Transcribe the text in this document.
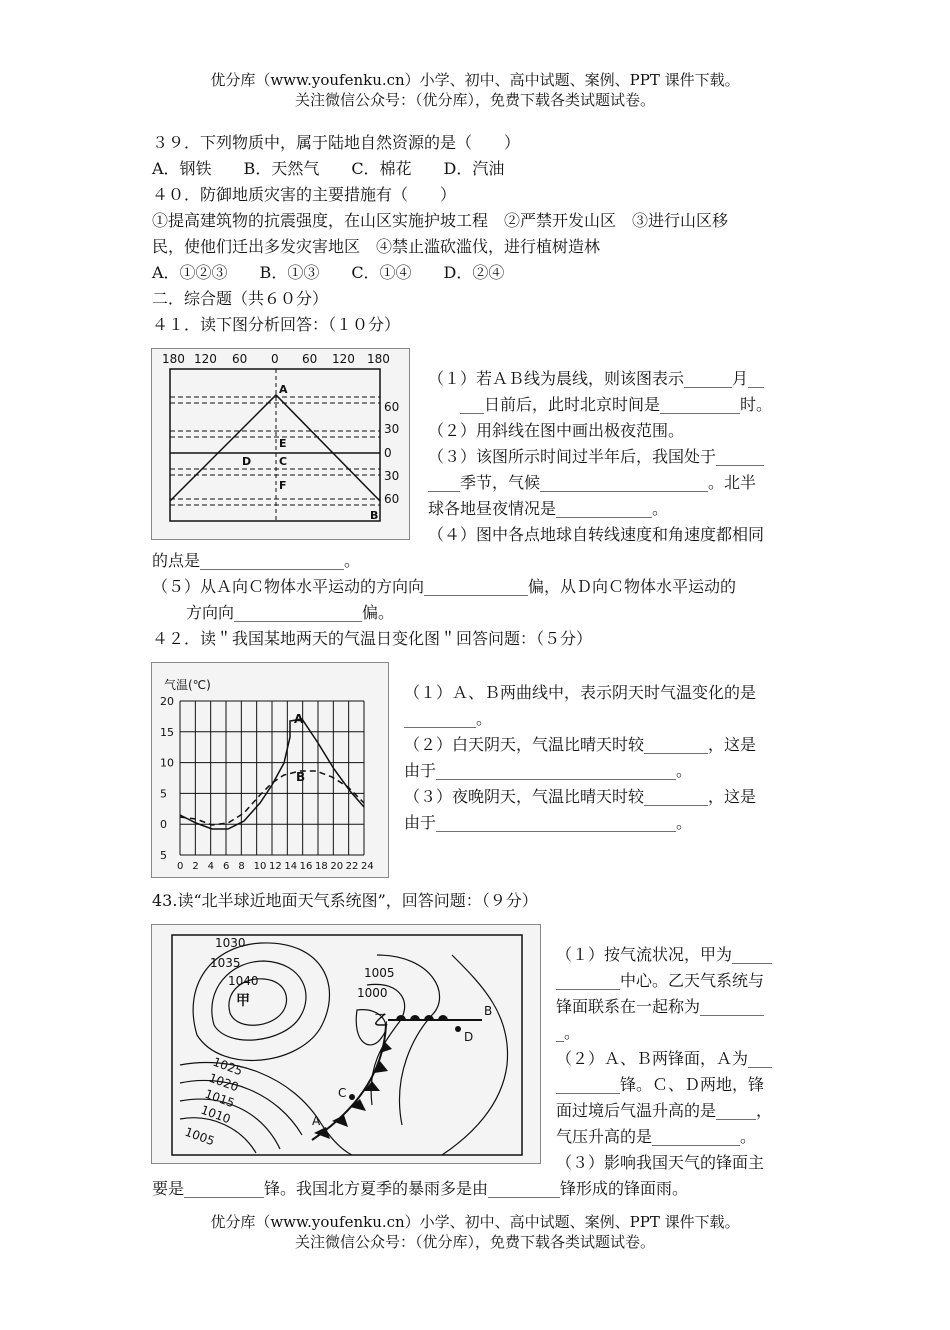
优分库（www.youfenku.cn）小学、初中、高中试题、案例、PPT 课件下载。
关注微信公众号：（优分库），免费下载各类试题试卷。
３９．下列物质中，属于陆地自然资源的是（　　）
A．钢铁　　B．天然气　　C．棉花　　D．汽油
４０．防御地质灾害的主要措施有（　　）
①提高建筑物的抗震强度，在山区实施护坡工程　②严禁开发山区　③进行山区移
民，使他们迁出多发灾害地区　④禁止滥砍滥伐，进行植树造林
A．①②③　　B．①③　　C．①④　　D．②④
二．综合题（共６０分）
４１．读下图分析回答：（１０分）
180 120 60 0 60 120 180
60
30
0
30
60
A
E
D	C
F
B
（１）若ＡＢ线为晨线，则该图表示______月__
___日前后，此时北京时间是__________时。
（２）用斜线在图中画出极夜范围。
（３）该图所示时间过半年后，我国处于______
____季节，气候_____________________。北半
球各地昼夜情况是____________。
（４）图中各点地球自转线速度和角速度都相同
的点是__________________。
（５）从Ａ向Ｃ物体水平运动的方向向_____________偏，从Ｄ向Ｃ物体水平运动的
方向向________________偏。
４２．读＂我国某地两天的气温日变化图＂回答问题：（５分）
气温(℃)
20
15
10
5
0
5
0 2 4 6 8 10 12 14 16 18 20 22 24
A
B
（１）Ａ、Ｂ两曲线中，表示阴天时气温变化的是
_________。
（２）白天阴天，气温比晴天时较________，这是
由于______________________________。
（３）夜晚阴天，气温比晴天时较________，这是
由于______________________________。
43.读“北半球近地面天气系统图”，回答问题：（９分）
1030
1035
1040
1005
1000
1025
1020
1015
1010
1005
甲
乙
A
B
C
D
（１）按气流状况，甲为_____
________中心。乙天气系统与
锋面联系在一起称为________
_。
（２）Ａ、Ｂ两锋面，Ａ为___
________锋。Ｃ、Ｄ两地，锋
面过境后气温升高的是_____，
气压升高的是___________。
（３）影响我国天气的锋面主
要是__________锋。我国北方夏季的暴雨多是由_________锋形成的锋面雨。
优分库（www.youfenku.cn）小学、初中、高中试题、案例、PPT 课件下载。
关注微信公众号：（优分库），免费下载各类试题试卷。
